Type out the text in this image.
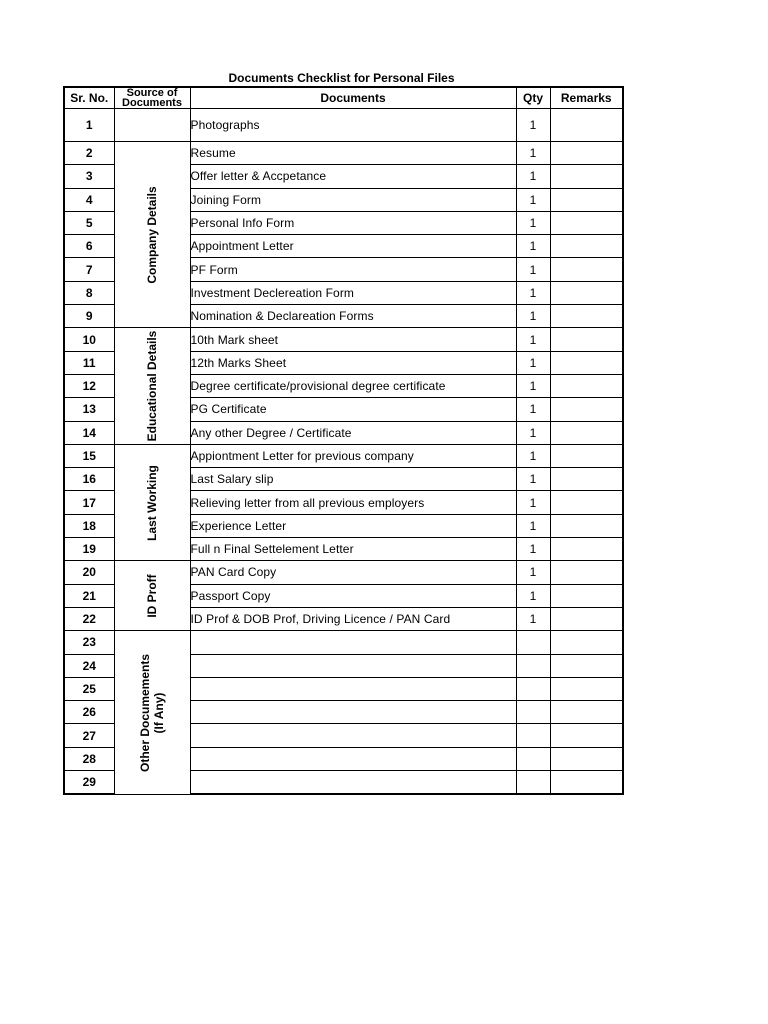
Documents Checklist for Personal Files
Sr. No.	Source of Documents	Documents	Qty	Remarks
1		Photographs	1	
2	Company Details	Resume	1	
3		Offer letter & Accpetance	1	
4		Joining Form	1	
5		Personal Info Form	1	
6		Appointment Letter	1	
7		PF Form	1	
8		Investment Declereation Form	1	
9		Nomination & Declareation Forms	1	
10	Educational Details	10th Mark sheet	1	
11		12th Marks Sheet	1	
12		Degree certificate/provisional degree certificate	1	
13		PG Certificate	1	
14		Any other Degree / Certificate	1	
15	Last Working	Appiontment Letter for previous company	1	
16		Last Salary slip	1	
17		Relieving letter from all previous employers	1	
18		Experience Letter	1	
19		Full n Final Settelement Letter	1	
20	ID Proff	PAN Card Copy	1	
21		Passport Copy	1	
22		ID Prof & DOB Prof, Driving Licence / PAN Card	1	
23	Other Documements
(If Any)			

24				
25				
26				
27				
28				
29				
